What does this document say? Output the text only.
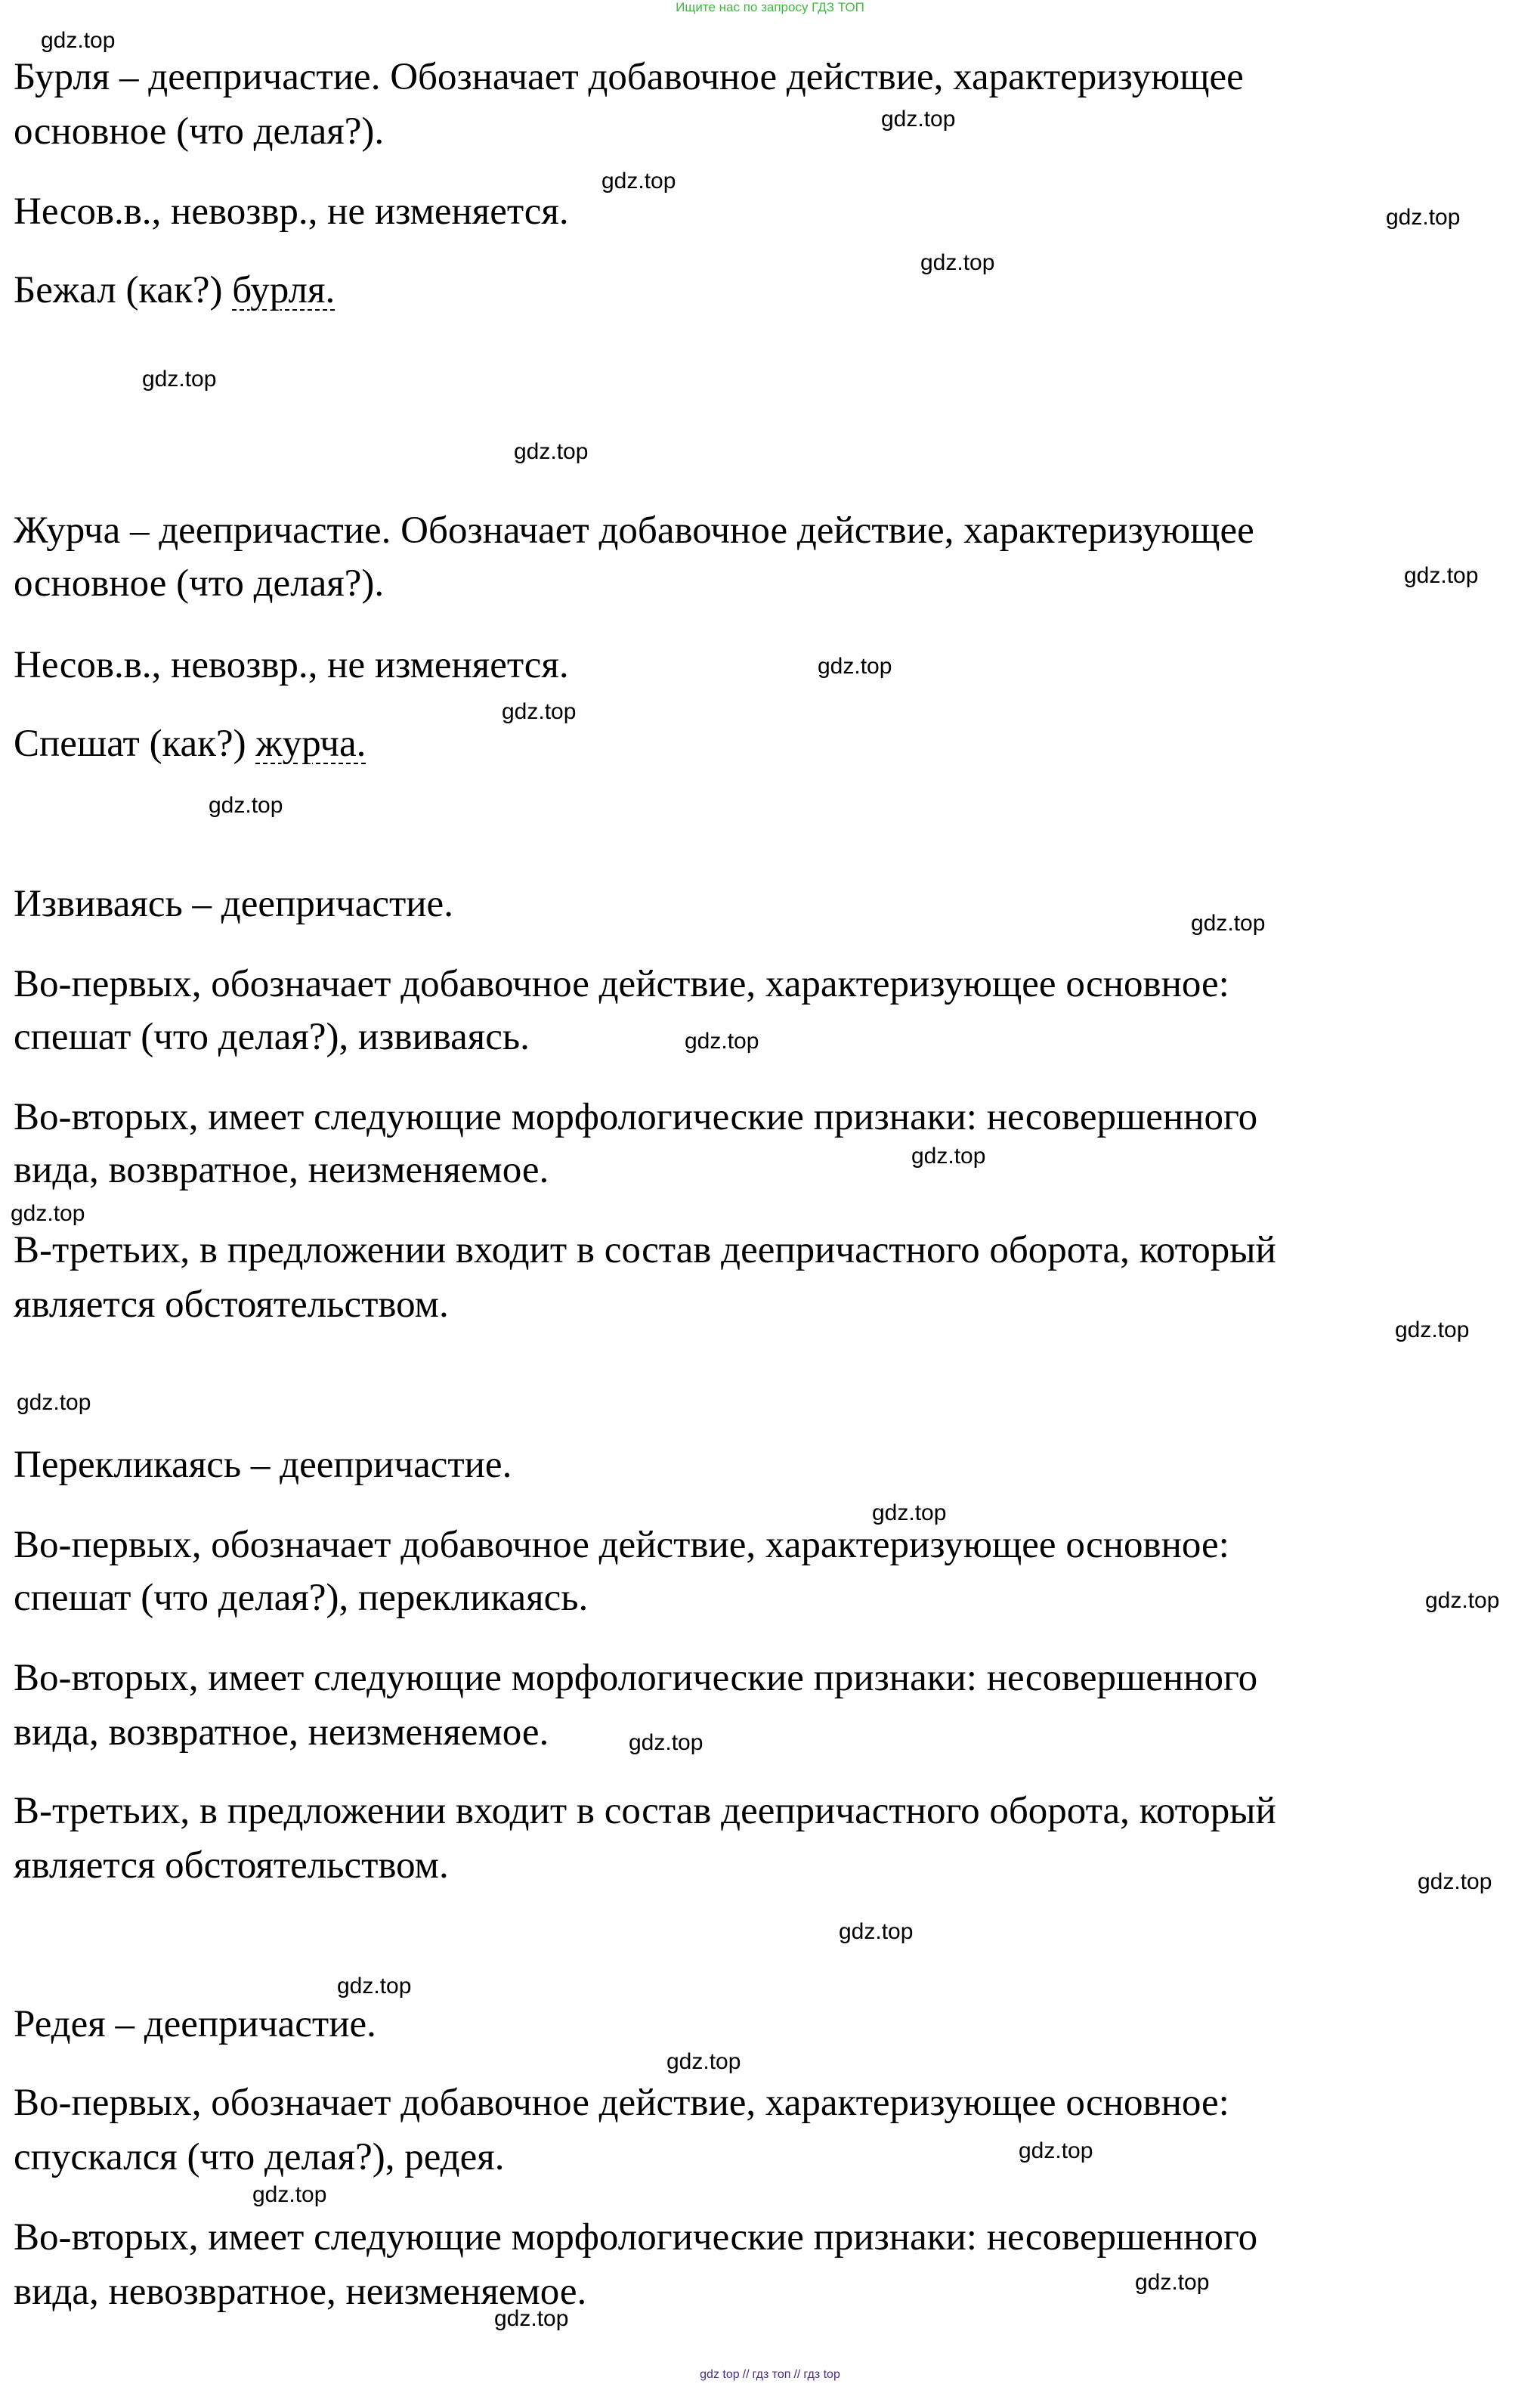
Ищите нас по запросу ГДЗ ТОП
Бурля – деепричастие. Обозначает добавочное действие, характеризующее
основное (что делая?).
Несов.в., невозвр., не изменяется.
Бежал (как?) бурля.
Журча – деепричастие. Обозначает добавочное действие, характеризующее
основное (что делая?).
Несов.в., невозвр., не изменяется.
Спешат (как?) журча.
Извиваясь – деепричастие.
Во-первых, обозначает добавочное действие, характеризующее основное:
спешат (что делая?), извиваясь.
Во-вторых, имеет следующие морфологические признаки: несовершенного
вида, возвратное, неизменяемое.
В-третьих, в предложении входит в состав деепричастного оборота, который
является обстоятельством.
Перекликаясь – деепричастие.
Во-первых, обозначает добавочное действие, характеризующее основное:
спешат (что делая?), перекликаясь.
Во-вторых, имеет следующие морфологические признаки: несовершенного
вида, возвратное, неизменяемое.
В-третьих, в предложении входит в состав деепричастного оборота, который
является обстоятельством.
Редея – деепричастие.
Во-первых, обозначает добавочное действие, характеризующее основное:
спускался (что делая?), редея.
Во-вторых, имеет следующие морфологические признаки: несовершенного
вида, невозвратное, неизменяемое.
gdz.top
gdz.top
gdz.top
gdz.top
gdz.top
gdz.top
gdz.top
gdz.top
gdz.top
gdz.top
gdz.top
gdz.top
gdz.top
gdz.top
gdz.top
gdz.top
gdz.top
gdz.top
gdz.top
gdz.top
gdz.top
gdz.top
gdz.top
gdz.top
gdz.top
gdz.top
gdz.top
gdz.top
gdz top // гдз топ // гдз top
